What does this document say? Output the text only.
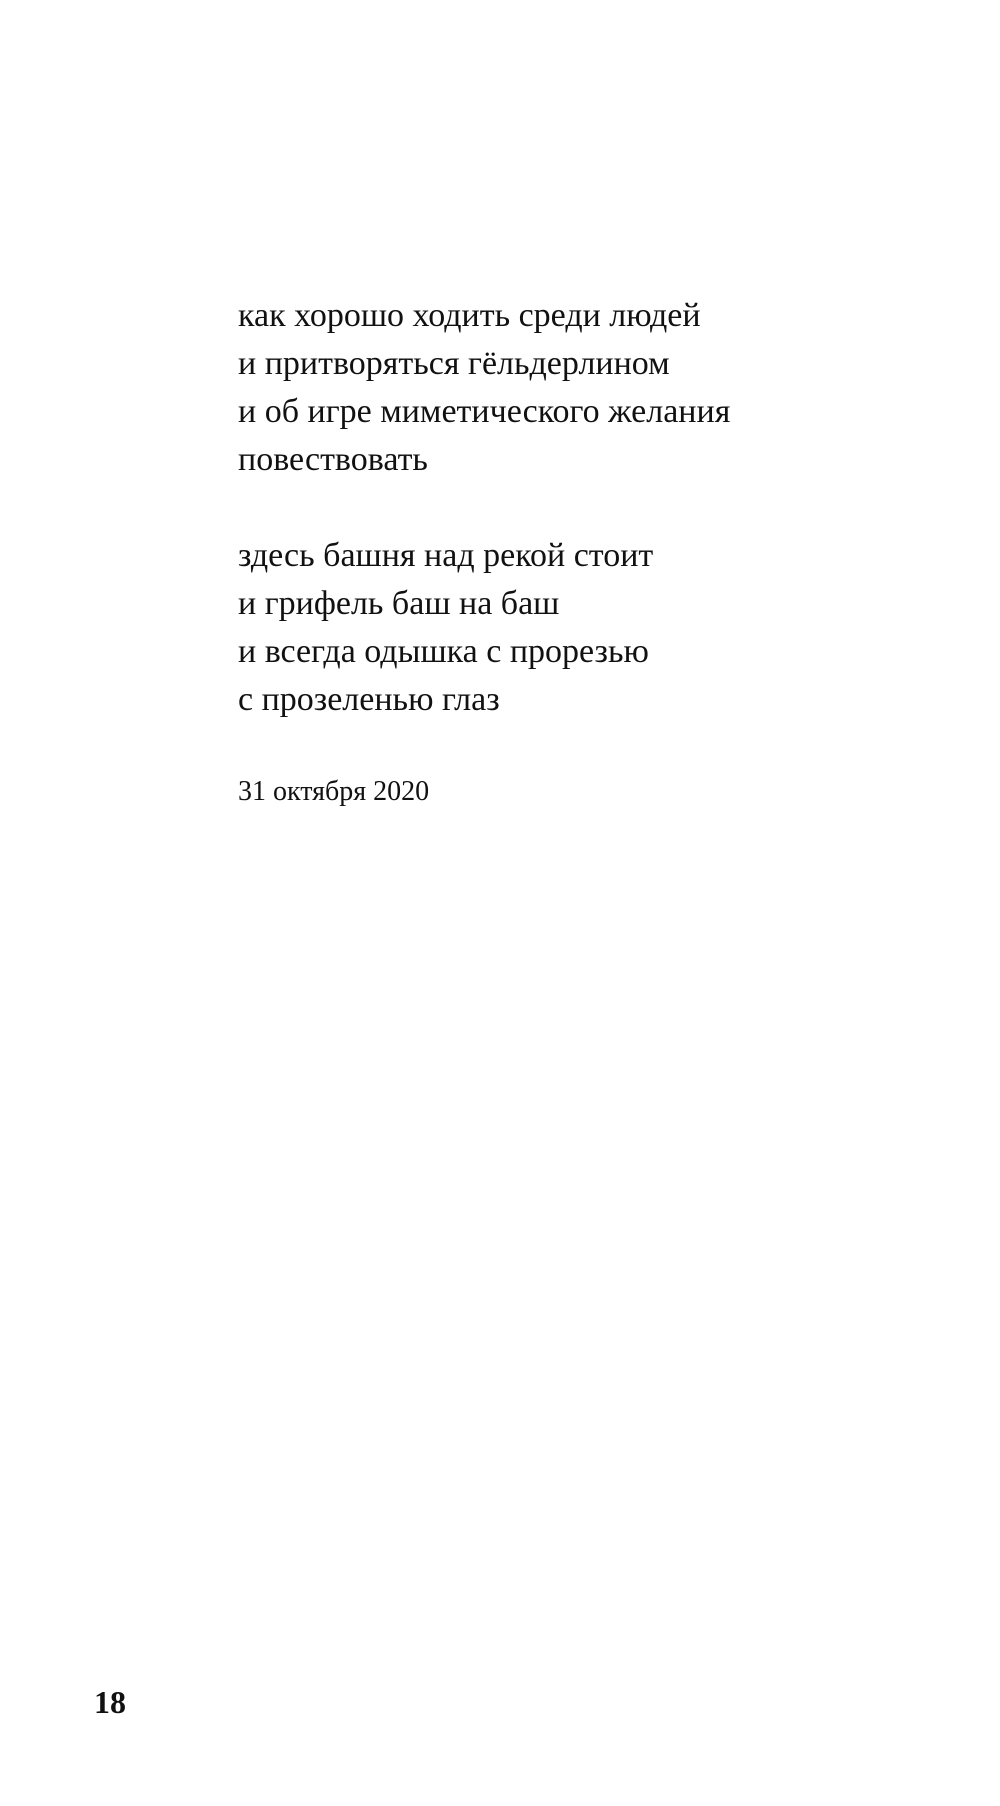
как хорошо ходить среди людей
и притворяться гёльдерлином
и об игре миметического желания
повествовать
здесь башня над рекой стоит
и грифель баш на баш
и всегда одышка с прорезью
с прозеленью глаз
31 октября 2020
18
